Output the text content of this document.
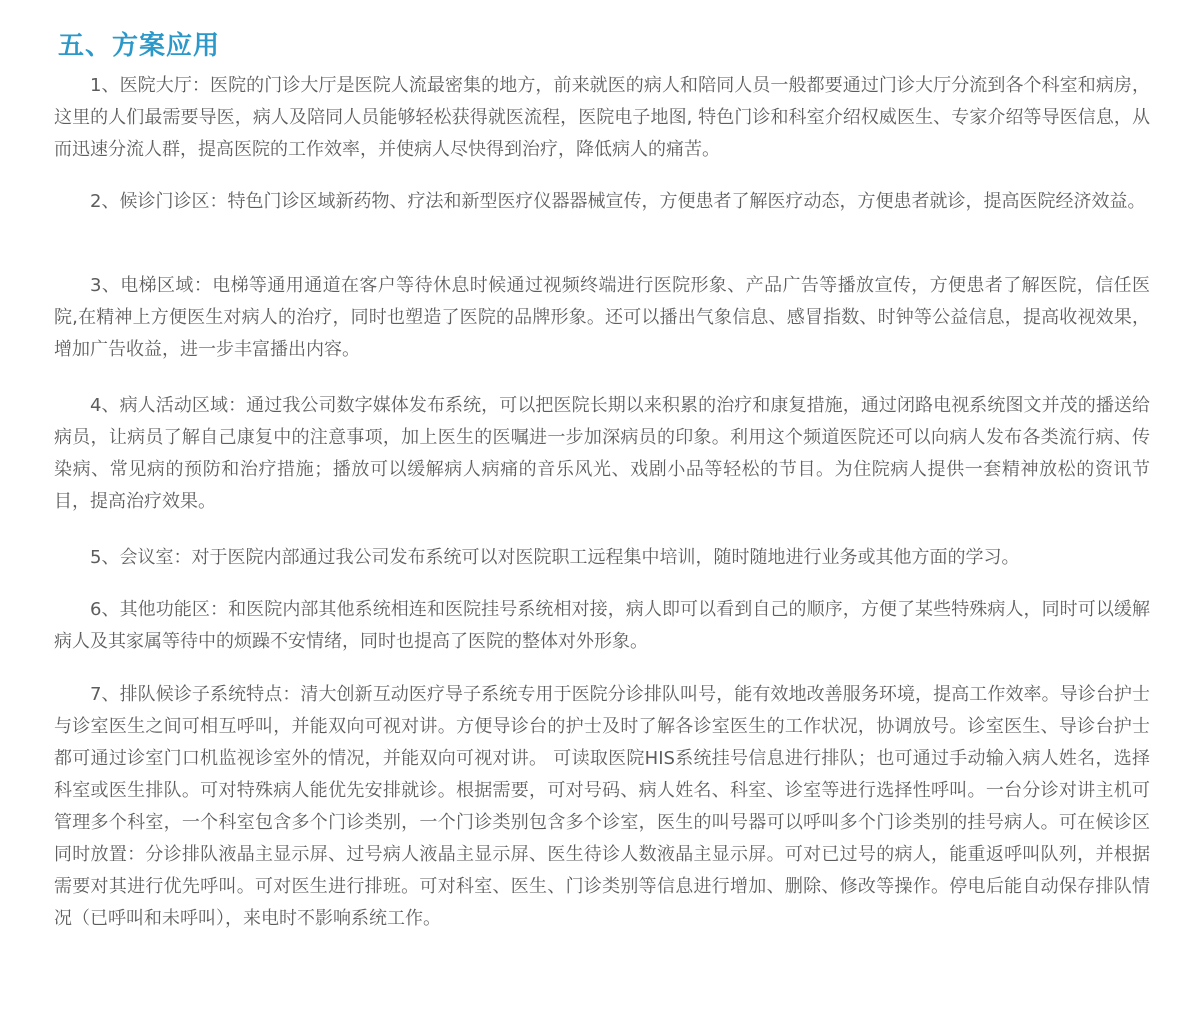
五、方案应用

1、医院大厅：医院的门诊大厅是医院人流最密集的地方，前来就医的病人和陪同人员一般都要通过门诊大厅分流到各个科室和病房，这里的人们最需要导医，病人及陪同人员能够轻松获得就医流程，医院电子地图, 特色门诊和科室介绍权威医生、专家介绍等导医信息，从而迅速分流人群，提高医院的工作效率，并使病人尽快得到治疗，降低病人的痛苦。

2、候诊门诊区：特色门诊区域新药物、疗法和新型医疗仪器器械宣传，方便患者了解医疗动态，方便患者就诊，提高医院经济效益。

3、电梯区域：电梯等通用通道在客户等待休息时候通过视频终端进行医院形象、产品广告等播放宣传，方便患者了解医院，信任医院,在精神上方便医生对病人的治疗，同时也塑造了医院的品牌形象。还可以播出气象信息、感冒指数、时钟等公益信息，提高收视效果，增加广告收益，进一步丰富播出内容。

4、病人活动区域：通过我公司数字媒体发布系统，可以把医院长期以来积累的治疗和康复措施，通过闭路电视系统图文并茂的播送给病员，让病员了解自己康复中的注意事项，加上医生的医嘱进一步加深病员的印象。利用这个频道医院还可以向病人发布各类流行病、传染病、常见病的预防和治疗措施；播放可以缓解病人病痛的音乐风光、戏剧小品等轻松的节目。为住院病人提供一套精神放松的资讯节目，提高治疗效果。

5、会议室：对于医院内部通过我公司发布系统可以对医院职工远程集中培训，随时随地进行业务或其他方面的学习。

6、其他功能区：和医院内部其他系统相连和医院挂号系统相对接，病人即可以看到自己的顺序，方便了某些特殊病人，同时可以缓解病人及其家属等待中的烦躁不安情绪，同时也提高了医院的整体对外形象。

7、排队候诊子系统特点：清大创新互动医疗导子系统专用于医院分诊排队叫号，能有效地改善服务环境，提高工作效率。导诊台护士与诊室医生之间可相互呼叫，并能双向可视对讲。方便导诊台的护士及时了解各诊室医生的工作状况，协调放号。诊室医生、导诊台护士都可通过诊室门口机监视诊室外的情况，并能双向可视对讲。 可读取医院HIS系统挂号信息进行排队；也可通过手动输入病人姓名，选择科室或医生排队。可对特殊病人能优先安排就诊。根据需要，可对号码、病人姓名、科室、诊室等进行选择性呼叫。一台分诊对讲主机可管理多个科室，一个科室包含多个门诊类别，一个门诊类别包含多个诊室，医生的叫号器可以呼叫多个门诊类别的挂号病人。可在候诊区同时放置：分诊排队液晶主显示屏、过号病人液晶主显示屏、医生待诊人数液晶主显示屏。可对已过号的病人，能重返呼叫队列，并根据需要对其进行优先呼叫。可对医生进行排班。可对科室、医生、门诊类别等信息进行增加、删除、修改等操作。停电后能自动保存排队情况（已呼叫和未呼叫），来电时不影响系统工作。
